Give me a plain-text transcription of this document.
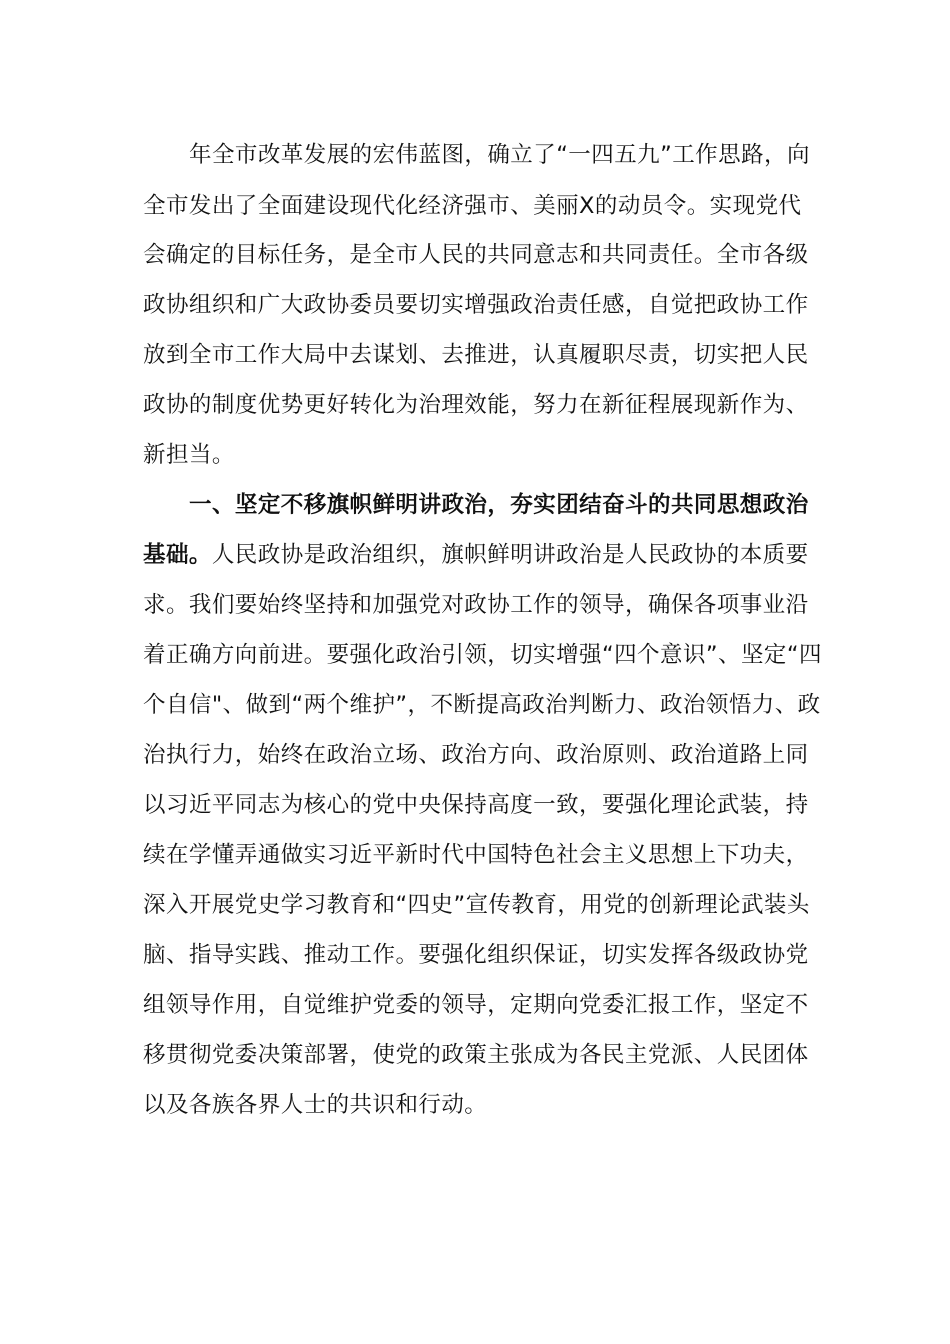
年全市改革发展的宏伟蓝图，确立了“一四五九”工作思路，向
全市发出了全面建设现代化经济强市、美丽Ⅹ的动员令。实现党代
会确定的目标任务，是全市人民的共同意志和共同责任。全市各级
政协组织和广大政协委员要切实增强政治责任感，自觉把政协工作
放到全市工作大局中去谋划、去推进，认真履职尽责，切实把人民
政协的制度优势更好转化为治理效能，努力在新征程展现新作为、
新担当。
一、坚定不移旗帜鲜明讲政治，夯实团结奋斗的共同思想政治
基础。人民政协是政治组织，旗帜鲜明讲政治是人民政协的本质要
求。我们要始终坚持和加强党对政协工作的领导，确保各项事业沿
着正确方向前进。要强化政治引领，切实增强“四个意识”、坚定“四
个自信"、做到“两个维护”，不断提高政治判断力、政治领悟力、政
治执行力，始终在政治立场、政治方向、政治原则、政治道路上同
以习近平同志为核心的党中央保持高度一致，要强化理论武装，持
续在学懂弄通做实习近平新时代中国特色社会主义思想上下功夫，
深入开展党史学习教育和“四史”宣传教育，用党的创新理论武装头
脑、指导实践、推动工作。要强化组织保证，切实发挥各级政协党
组领导作用，自觉维护党委的领导，定期向党委汇报工作，坚定不
移贯彻党委决策部署，使党的政策主张成为各民主党派、人民团体
以及各族各界人士的共识和行动。
